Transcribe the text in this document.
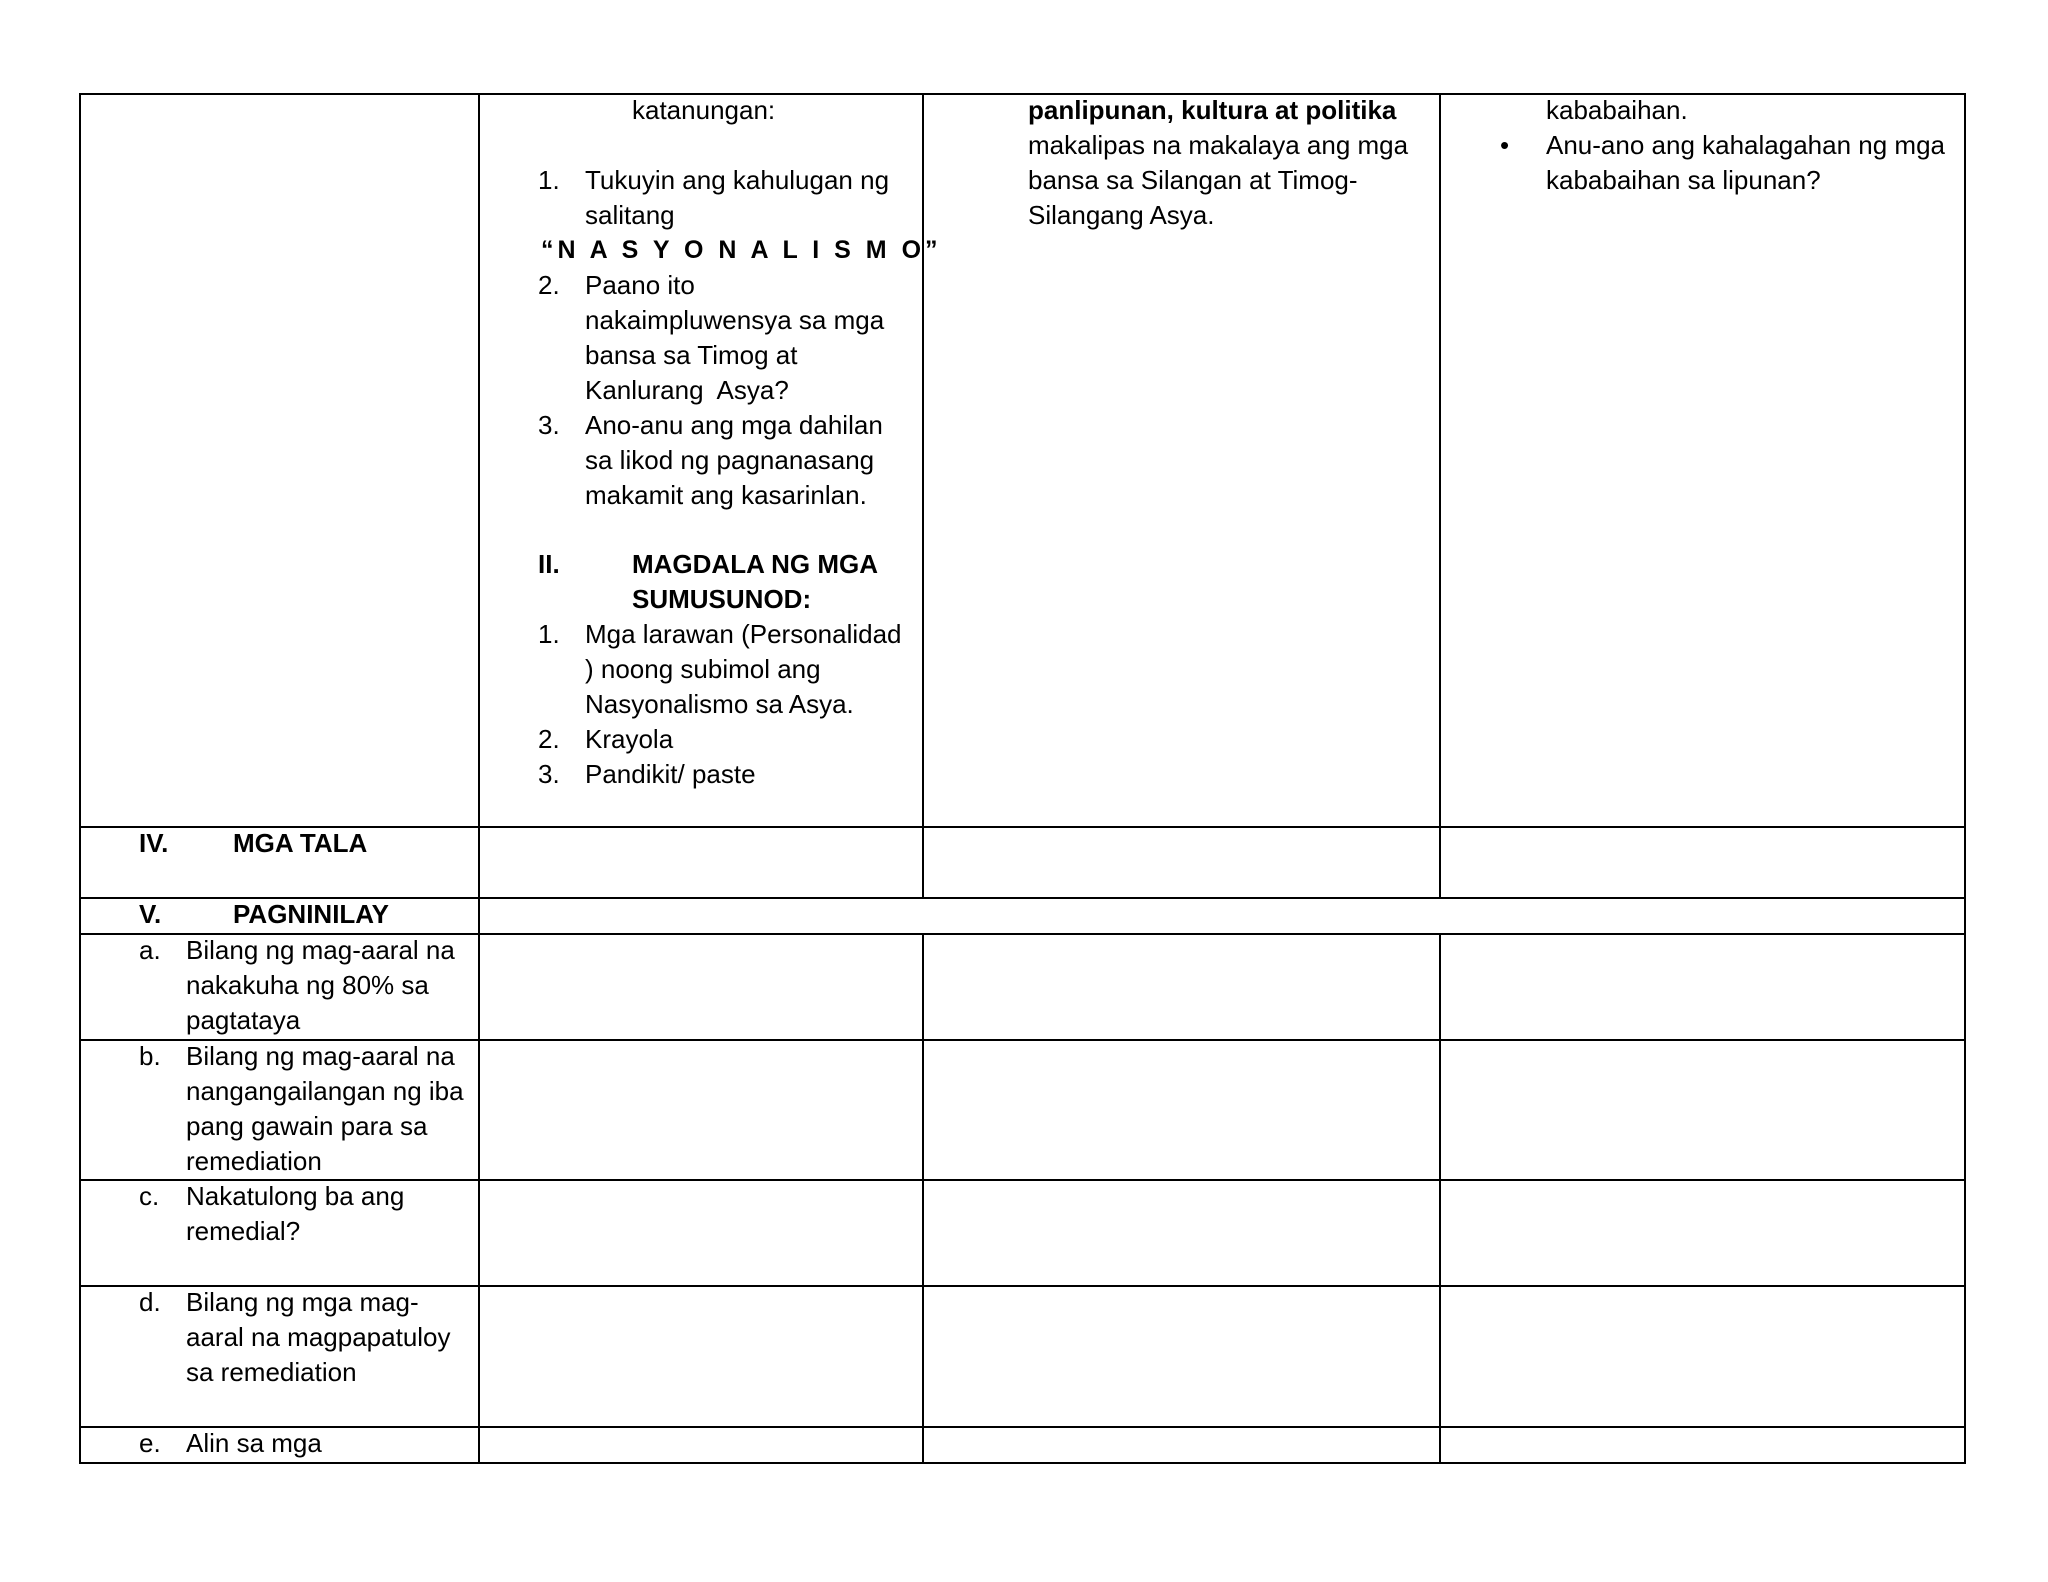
katanungan:
1. Tukuyin ang kahulugan ng
salitang
“N A S Y O N A L I S M O”
2. Paano ito
nakaimpluwensya sa mga
bansa sa Timog at
Kanlurang  Asya?
3. Ano-anu ang mga dahilan
sa likod ng pagnanasang
makamit ang kasarinlan.
II.	MAGDALA NG MGA
SUMUSUNOD:
1. Mga larawan (Personalidad
) noong subimol ang
Nasyonalismo sa Asya.
2. Krayola
3. Pandikit/ paste
panlipunan, kultura at politika
makalipas na makalaya ang mga
bansa sa Silangan at Timog-
Silangang Asya.
kababaihan.
• Anu-ano ang kahalagahan ng mga
kababaihan sa lipunan?
IV. MGA TALA
V.	PAGNINILAY
a. Bilang ng mag-aaral na
nakakuha ng 80% sa
pagtataya
b. Bilang ng mag-aaral na
nangangailangan ng iba
pang gawain para sa
remediation
c. Nakatulong ba ang
remedial?
d. Bilang ng mga mag-
aaral na magpapatuloy
sa remediation
e. Alin sa mga
